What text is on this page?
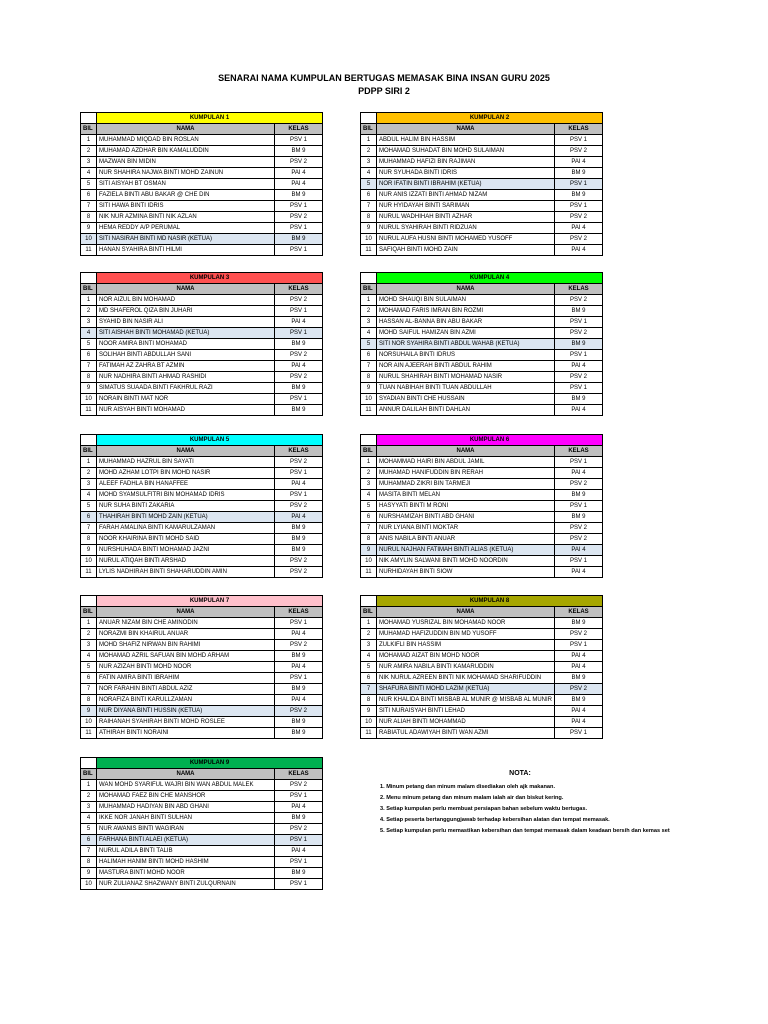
SENARAI NAMA KUMPULAN BERTUGAS MEMASAK BINA INSAN GURU 2025
PDPP SIRI 2
	KUMPULAN 1	
BIL	NAMA	KELAS
1	MUHAMMAD MIQDAD BIN ROSLAN	PSV 1
2	MUHAMAD AZDHAR BIN KAMALUDDIN	BM 9
3	MAZWAN BIN MIDIN	PSV 2
4	NUR SHAHIRA NAJWA BINTI MOHD ZAINUN	PAI 4
5	SITI AISYAH BT OSMAN	PAI 4
6	FAZIELA BINTI ABU BAKAR @ CHE DIN	BM 9
7	SITI HAWA BINTI IDRIS	PSV 1
8	NIK NUR AZMINA BINTI NIK AZLAN	PSV 2
9	HEMA REDDY A/P PERUMAL	PSV 1
10	SITI NASIRAH BINTI MD NASIR (KETUA)	BM 9
11	HANAN SYAHIRA BINTI HILMI	PSV 1
	KUMPULAN 2	
BIL	NAMA	KELAS
1	ABDUL HALIM BIN HASSIM	PSV 1
2	MOHAMAD SUHADAT BIN MOHD SULAIMAN	PSV 2
3	MUHAMMAD HAFIZI BIN RAJIMAN	PAI 4
4	NUR SYUHADA BINTI IDRIS	BM 9
5	NOR IFATIN BINTI IBRAHIM (KETUA)	PSV 1
6	NUR ANIS IZZATI BINTI AHMAD NIZAM	BM 9
7	NUR HYIDAYAH BINTI SARIMAN	PSV 1
8	NURUL WADHIHAH BINTI AZHAR	PSV 2
9	NURUL SYAHIRAH BINTI RIDZUAN	PAI 4
10	NURUL AUFA HUSNI BINTI MOHAMED YUSOFF	PSV 2
11	SAFIQAH BINTI MOHD ZAIN	PAI 4
	KUMPULAN 3	
BIL	NAMA	KELAS
1	NOR AIZUL BIN MOHAMAD	PSV 2
2	MD SHAFEROL QIZA BIN JUHARI	PSV 1
3	SYAHID BIN NASIR ALI	PAI 4
4	SITI AISHAH BINTI MOHAMAD (KETUA)	PSV 1
5	NOOR AMIRA BINTI MOHAMAD	BM 9
6	SOLIHAH BINTI ABDULLAH SANI	PSV 2
7	FATIMAH AZ ZAHRA BT AZMIN	PAI 4
8	NUR NADHIRA BINTI AHMAD RASHIDI	PSV 2
9	SIMATUS SUAADA BINTI FAKHRUL RAZI	BM 9
10	NORAIN BINTI MAT NOR	PSV 1
11	NUR AISYAH BINTI MOHAMAD	BM 9
	KUMPULAN 4	
BIL	NAMA	KELAS
1	MOHD SHAUQI BIN SULAIMAN	PSV 2
2	MOHAMAD FARIS IMRAN BIN ROZMI	BM 9
3	HASSAN AL-BANNA BIN ABU BAKAR	PSV 1
4	MOHD SAIFUL HAMIZAN BIN AZMI	PSV 2
5	SITI NOR SYAHIRA BINTI ABDUL WAHAB (KETUA)	BM 9
6	NORSUHAILA BINTI IDRUS	PSV 1
7	NOR AIN AJEERAH BINTI ABDUL RAHIM	PAI 4
8	NURUL SHAHIRAH BINTI MOHAMAD NASIR	PSV 2
9	TUAN NABIHAH BINTI TUAN ABDULLAH	PSV 1
10	SYADIAN BINTI CHE HUSSAIN	BM 9
11	ANNUR DALILAH BINTI DAHLAN	PAI 4
	KUMPULAN 5	
BIL	NAMA	KELAS
1	MUHAMMAD HAZRUL BIN SAYATI	PSV 2
2	MOHD AZHAM LOTPI BIN MOHD NASIR	PSV 1
3	ALEEF FADHLA BIN HANAFFEE	PAI 4
4	MOHD SYAMSULFITRI BIN MOHAMAD IDRIS	PSV 1
5	NUR SUHA BINTI ZAKARIA	PSV 2
6	THAHIRAH BINTI MOHD ZAIN (KETUA)	PAI 4
7	FARAH AMALINA BINTI KAMARULZAMAN	BM 9
8	NOOR KHAIRINA BINTI MOHD SAID	BM 9
9	NURSHUHADA BINTI MOHAMAD JAZNI	BM 9
10	NURUL ATIQAH BINTI ARSHAD	PSV 2
11	LYLIS NADHIRAH BINTI SHAHARUDDIN AMIN	PSV 2
	KUMPULAN 6	
BIL	NAMA	KELAS
1	MOHAMMAD HAIRI BIN ABDUL JAMIL	PSV 1
2	MUHAMAD HANIFUDDIN BIN RERAH	PAI 4
3	MUHAMMAD ZIKRI BIN TARMEJI	PSV 2
4	MASITA BINTI MELAN	BM 9
5	HASYYATI BINTI M RONI	PSV 1
6	NURSHAMIZAH BINTI ABD GHANI	BM 9
7	NUR LYIANA BINTI MOKTAR	PSV 2
8	ANIS NABILA BINTI ANUAR	PSV 2
9	NURUL NAJHAN FATIMAH BINTI ALIAS (KETUA)	PAI 4
10	NIK AMYLIN SALWANI BINTI MOHD NOORDIN	PSV 1
11	NURHIDAYAH BINTI SIOW	PAI 4
	KUMPULAN 7	
BIL	NAMA	KELAS
1	ANUAR NIZAM BIN CHE AMINODIN	PSV 1
2	NORAZMI BIN KHAIRUL ANUAR	PAI 4
3	MOHD SHAFIZ NIRWAN BIN RAHIMI	PSV 2
4	MOHAMAD AZRIL SAFUAN BIN MOHD ARHAM	BM 9
5	NUR AZIZAH BINTI MOHD NOOR	PAI 4
6	FATIN AMIRA BINTI IBRAHIM	PSV 1
7	NOR FARAHIN BINTI ABDUL AZIZ	BM 9
8	NORAFIZA BINTI KARULLZAMAN	PAI 4
9	NUR DIYANA BINTI HUSSIN (KETUA)	PSV 2
10	RAIHANAH SYAHIRAH BINTI MOHD ROSLEE	BM 9
11	ATHIRAH BINTI NORAINI	BM 9
	KUMPULAN 8	
BIL	NAMA	KELAS
1	MOHAMAD YUSRIZAL BIN MOHAMAD NOOR	BM 9
2	MUHAMAD HAFIZUDDIN BIN MD YUSOFF	PSV 2
3	ZULKIFLI BIN HASSIM	PSV 1
4	MOHAMAD AIZAT BIN MOHD NOOR	PAI 4
5	NUR AMIRA NABILA BINTI KAMARUDDIN	PAI 4
6	NIK NURUL AZREEN BINTI NIK MOHAMAD SHARIFUDDIN	BM 9
7	SHAFURA BINTI MOHD LAZIM (KETUA)	PSV 2
8	NUR KHALIDA BINTI MISBAB AL MUNIR @ MISBAB AL MUNIR	BM 9
9	SITI NURAISYAH BINTI LEHAD	PAI 4
10	NUR ALIAH BINTI MOHAMMAD	PAI 4
11	RABIATUL ADAWIYAH BINTI WAN AZMI	PSV 1
	KUMPULAN 9	
BIL	NAMA	KELAS
1	WAN MOHD SYARIFUL WAJRI BIN WAN ABDUL MALEK	PSV 2
2	MOHAMAD FAEZ BIN CHE MANSHOR	PSV 1
3	MUHAMMAD HADIYAN BIN ABD GHANI	PAI 4
4	IKKE NOR JANAH BINTI SULHAN	BM 9
5	NUR AWANIS BINTI WAGIRAN	PSV 2
6	FARHANA BINTI ALAEI (KETUA)	PSV 1
7	NURUL ADILA BINTI TALIB	PAI 4
8	HALIMAH HANIM BINTI MOHD HASHIM	PSV 1
9	MASTURA BINTI MOHD NOOR	BM 9
10	NUR ZULIANAZ SHAZWANY BINTI ZULQURNAIN	PSV 1
NOTA:
1. Minum petang dan minum malam disediakan oleh ajk makanan.
2. Menu minum petang dan minum malam ialah air dan biskut kering.
3. Setiap kumpulan perlu membuat persiapan bahan sebelum waktu bertugas.
4. Setiap peserta bertanggungjawab terhadap kebersihan alatan dan tempat memasak.
5. Setiap kumpulan perlu memastikan kebersihan dan tempat memasak dalam keadaan bersih dan kemas set
